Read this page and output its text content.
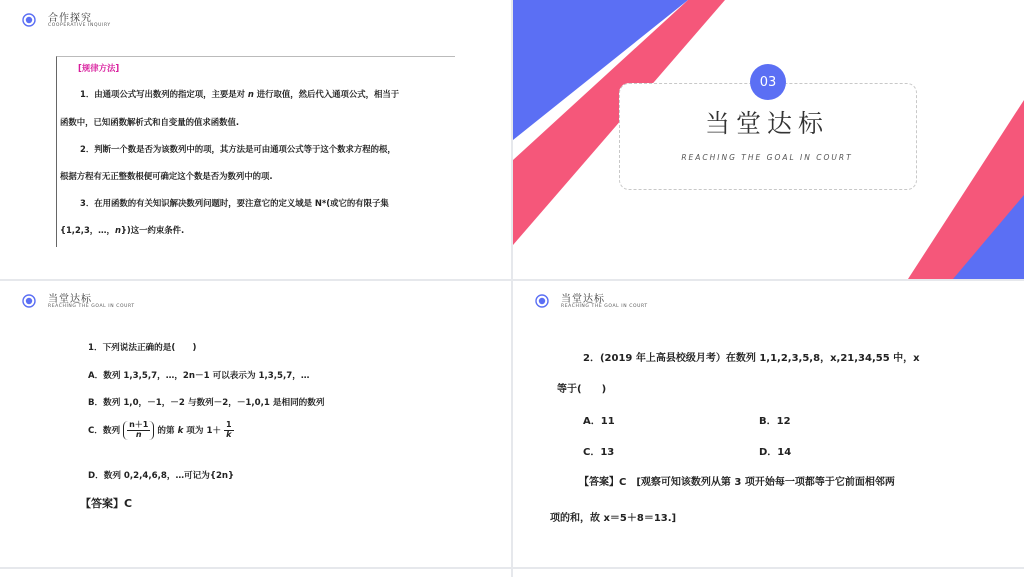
合作探究
COOPERATIVE INQUIRY
[规律方法]
1．由通项公式写出数列的指定项，主要是对 n 进行取值，然后代入通项公式，相当于
函数中，已知函数解析式和自变量的值求函数值.
2．判断一个数是否为该数列中的项，其方法是可由通项公式等于这个数求方程的根，
根据方程有无正整数根便可确定这个数是否为数列中的项.
3．在用函数的有关知识解决数列问题时，要注意它的定义域是 N*(或它的有限子集
{1,2,3，…，n})这一约束条件.
03
当堂达标
REACHING THE GOAL IN COURT
当堂达标
REACHING THE GOAL IN COURT
1．下列说法正确的是(　　)
A．数列 1,3,5,7，…，2n－1 可以表示为 1,3,5,7，…
B．数列 1,0，－1，－2 与数列－2，－1,0,1 是相同的数列
C．数列 $\frac{n+1}{n}$ 的第 k 项为 $1+ \frac{1}{k}$
D．数列 0,2,4,6,8，…可记为{2n}
【答案】C
当堂达标
REACHING THE GOAL IN COURT
2．(2019 年上高县校级月考）在数列 1,1,2,3,5,8，x,21,34,55 中，x
等于(　　)
A．11	B．12
C．13	D．14
【答案】C　[观察可知该数列从第 3 项开始每一项都等于它前面相邻两
项的和，故 x＝5＋8＝13.]
